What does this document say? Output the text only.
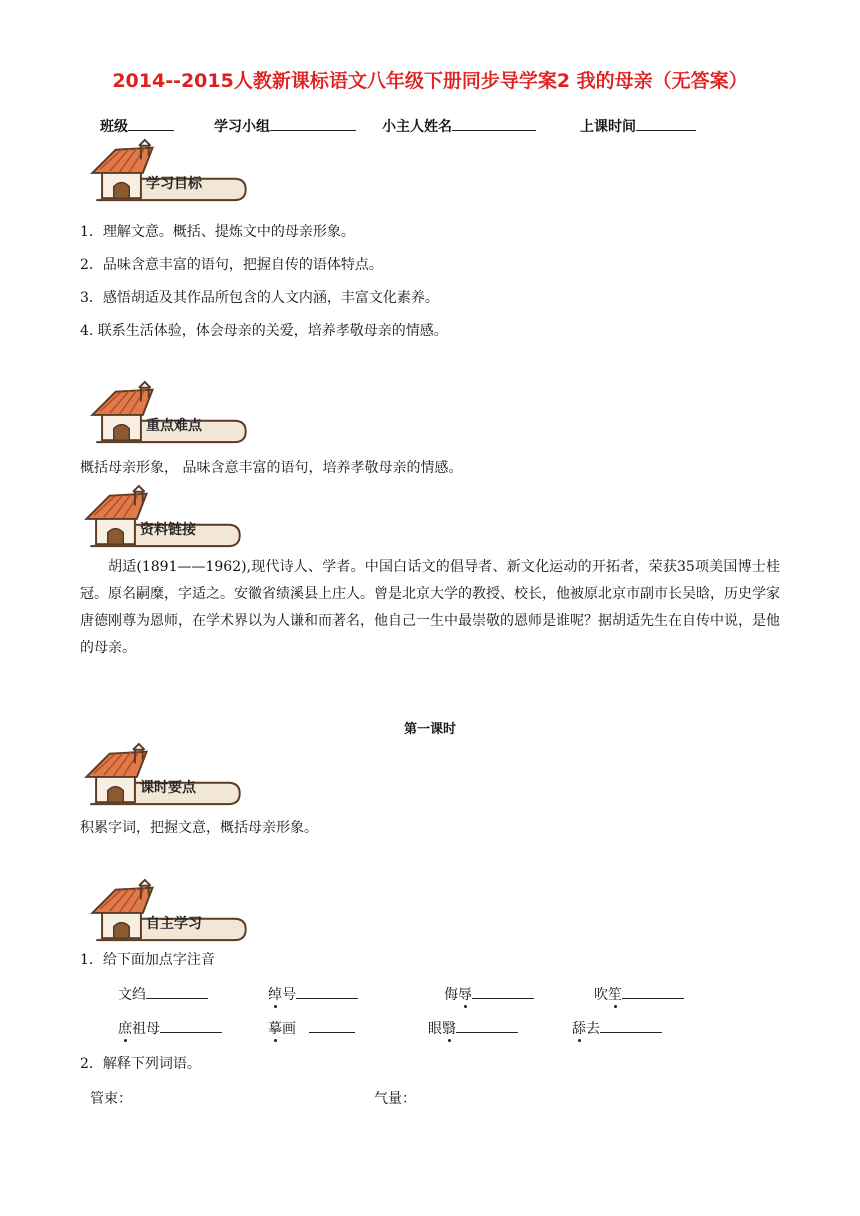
2014--2015人教新课标语文八年级下册同步导学案2 我的母亲（无答案）
班级	学习小组	小主人姓名	上课时间
学习目标
1．理解文意。概括、提炼文中的母亲形象。
2．品味含意丰富的语句，把握自传的语体特点。
3．感悟胡适及其作品所包含的人文内涵，丰富文化素养。
4. 联系生活体验，体会母亲的关爱，培养孝敬母亲的情感。
重点难点
概括母亲形象， 品味含意丰富的语句，培养孝敬母亲的情感。
资料链接
胡适(1891——1962),现代诗人、学者。中国白话文的倡导者、新文化运动的开拓者，荣获35项美国博士桂冠。原名嗣糜，字适之。安徽省绩溪县上庄人。曾是北京大学的教授、校长，他被原北京市副市长吴晗，历史学家唐德刚尊为恩师，在学术界以为人谦和而著名，他自己一生中最崇敬的恩师是谁呢？据胡适先生在自传中说，是他的母亲。
第一课时
课时要点
积累字词，把握文意，概括母亲形象。
自主学习
1．给下面加点字注音
文绉	绰号	侮辱	吹笙
庶祖母	摹画	眼翳	舔去
2．解释下列词语。
管束：	气量：
